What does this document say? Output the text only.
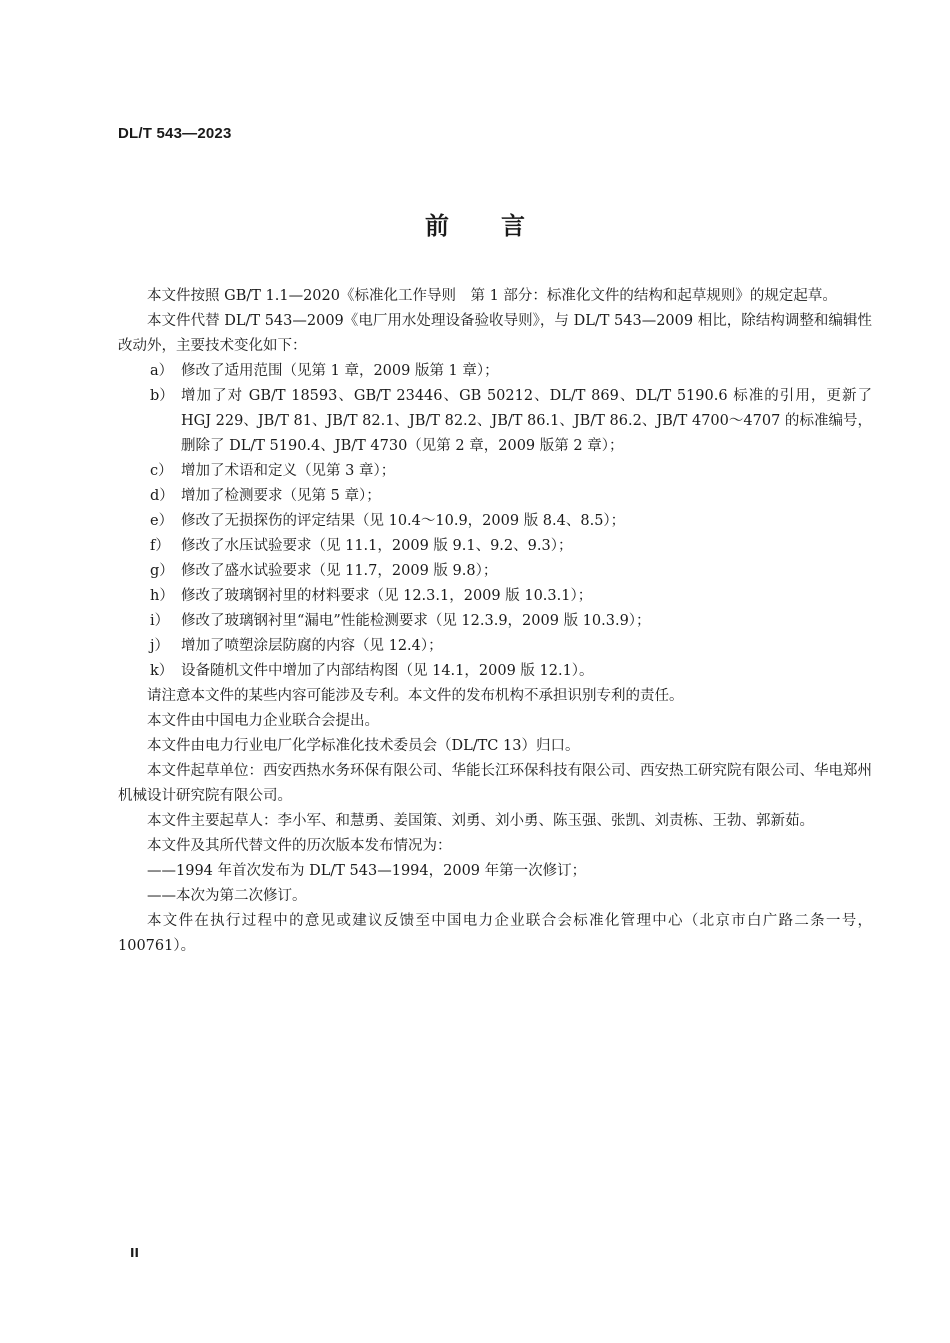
DL/T 543—2023
前言

本文件按照 GB/T 1.1—2020《标准化工作导则　第 1 部分：标准化文件的结构和起草规则》的规定起草。

本文件代替 DL/T 543—2009《电厂用水处理设备验收导则》，与 DL/T 543—2009 相比，除结构调整和编辑性改动外，主要技术变化如下：

a） 修改了适用范围（见第 1 章，2009 版第 1 章）；
b） 增加了对 GB/T 18593、GB/T 23446、GB 50212、DL/T 869、DL/T 5190.6 标准的引用，更新了 HGJ 229、JB/T 81、JB/T 82.1、JB/T 82.2、JB/T 86.1、JB/T 86.2、JB/T 4700～4707 的标准编号，删除了 DL/T 5190.4、JB/T 4730（见第 2 章，2009 版第 2 章）；
c） 增加了术语和定义（见第 3 章）；
d） 增加了检测要求（见第 5 章）；
e） 修改了无损探伤的评定结果（见 10.4～10.9，2009 版 8.4、8.5）；
f） 修改了水压试验要求（见 11.1，2009 版 9.1、9.2、9.3）；
g） 修改了盛水试验要求（见 11.7，2009 版 9.8）；
h） 修改了玻璃钢衬里的材料要求（见 12.3.1，2009 版 10.3.1）；
i） 修改了玻璃钢衬里“漏电”性能检测要求（见 12.3.9，2009 版 10.3.9）；
j） 增加了喷塑涂层防腐的内容（见 12.4）；
k） 设备随机文件中增加了内部结构图（见 14.1，2009 版 12.1）。

请注意本文件的某些内容可能涉及专利。本文件的发布机构不承担识别专利的责任。

本文件由中国电力企业联合会提出。

本文件由电力行业电厂化学标准化技术委员会（DL/TC 13）归口。

本文件起草单位：西安西热水务环保有限公司、华能长江环保科技有限公司、西安热工研究院有限公司、华电郑州机械设计研究院有限公司。

本文件主要起草人：李小军、和慧勇、姜国策、刘勇、刘小勇、陈玉强、张凯、刘责栋、王勃、郭新茹。

本文件及其所代替文件的历次版本发布情况为：

——1994 年首次发布为 DL/T 543—1994，2009 年第一次修订；

——本次为第二次修订。

本文件在执行过程中的意见或建议反馈至中国电力企业联合会标准化管理中心（北京市白广路二条一号，100761）。

II
